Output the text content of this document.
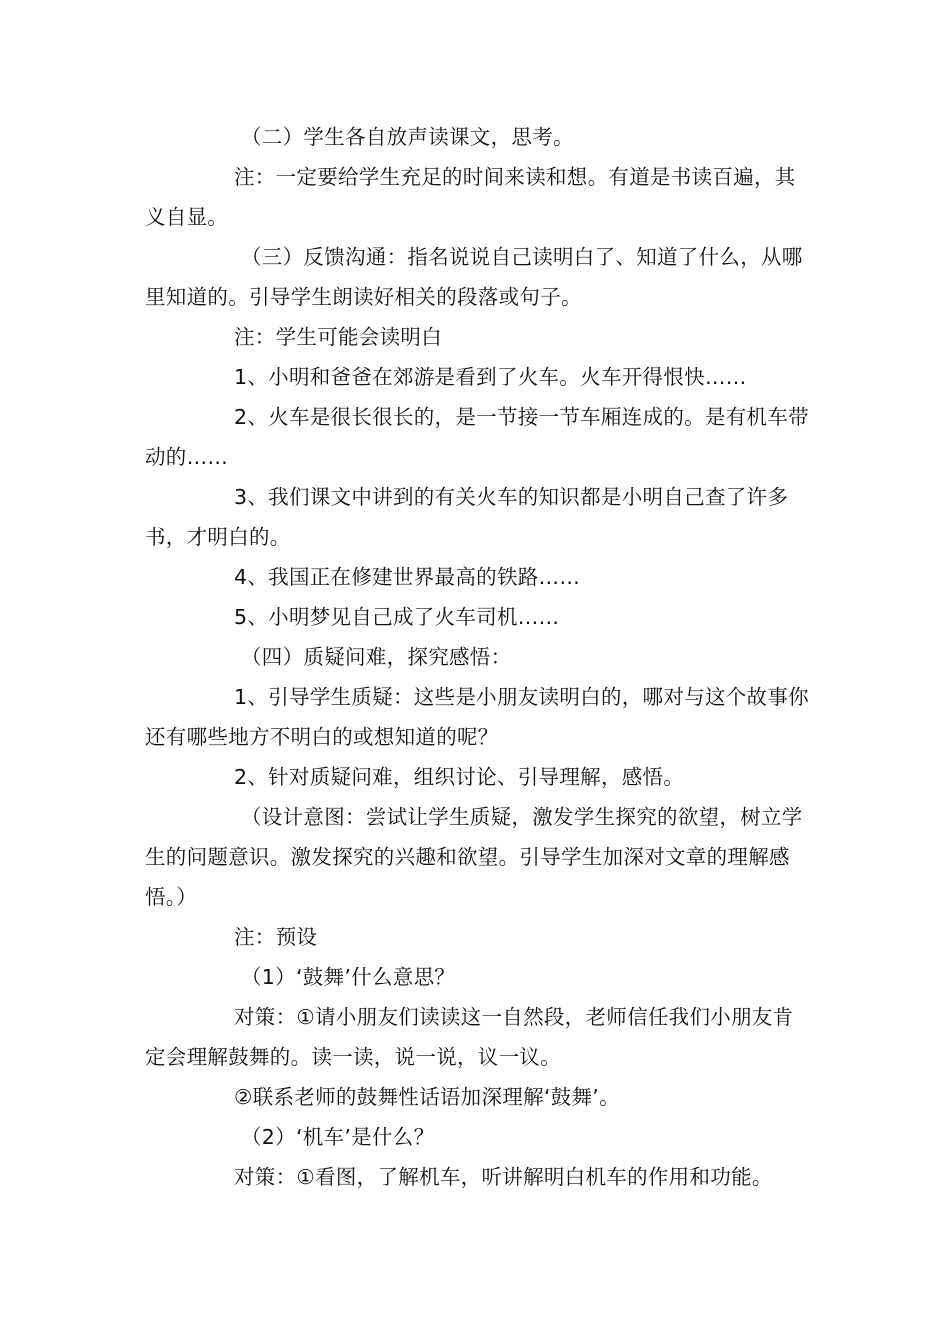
（二）学生各自放声读课文，思考。

注：一定要给学生充足的时间来读和想。有道是书读百遍，其义自显。

（三）反馈沟通：指名说说自己读明白了、知道了什么，从哪里知道的。引导学生朗读好相关的段落或句子。

注：学生可能会读明白

1、小明和爸爸在郊游是看到了火车。火车开得恨快……

2、火车是很长很长的，是一节接一节车厢连成的。是有机车带动的……

3、我们课文中讲到的有关火车的知识都是小明自己查了许多书，才明白的。

4、我国正在修建世界最高的铁路……

5、小明梦见自己成了火车司机……

（四）质疑问难，探究感悟：

1、引导学生质疑：这些是小朋友读明白的，哪对与这个故事你还有哪些地方不明白的或想知道的呢？

2、针对质疑问难，组织讨论、引导理解，感悟。

（设计意图：尝试让学生质疑，激发学生探究的欲望，树立学生的问题意识。激发探究的兴趣和欲望。引导学生加深对文章的理解感悟。）

注：预设

（1）‘鼓舞’什么意思？

对策：①请小朋友们读读这一自然段，老师信任我们小朋友肯定会理解鼓舞的。读一读，说一说，议一议。

②联系老师的鼓舞性话语加深理解‘鼓舞’。

（2）‘机车’是什么？

对策：①看图，了解机车，听讲解明白机车的作用和功能。
